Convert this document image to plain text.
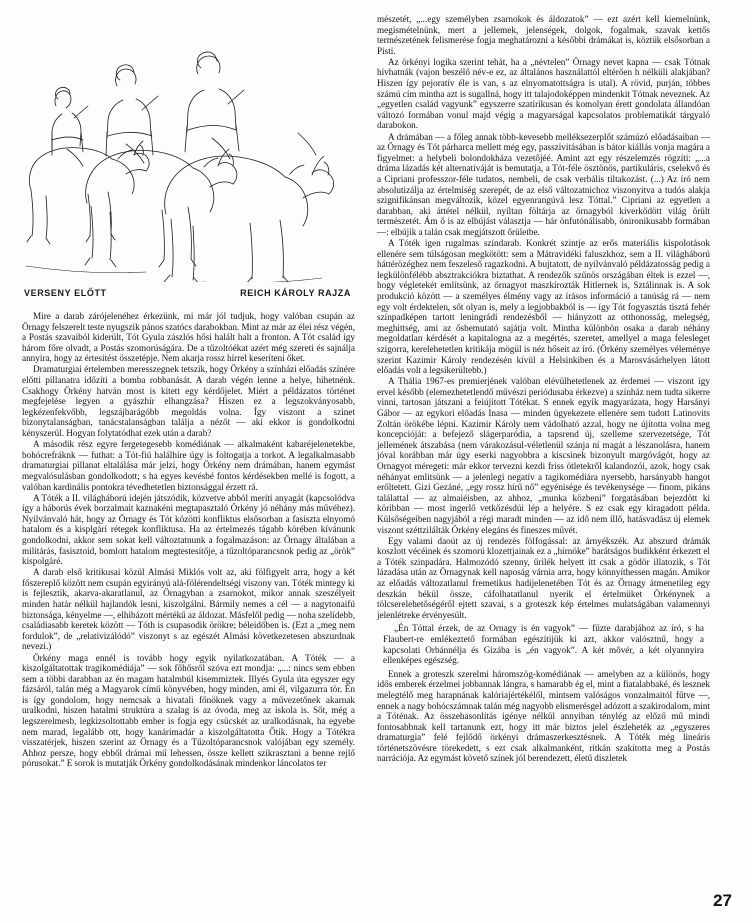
VERSENY ELŐTT	REICH KÁROLY RAJZA

Mire a darab zárójelenéhez érkezünk, mi már jól tudjuk, hogy valóban csupán az Örnagy felszerelt teste nyugszik pános szatócs darabokban. Mint az már az élei rész végén, a Postás szavaiból kiderült, Tót Gyula zászlós hősi halált halt a fronton. A Tót család így három főre olvadt, a Postás szomorúságára. De a tűzoltóékat azért még szereti és sajnálja annyira, hogy az értesítést összetépje. Nem akarja rossz hírrel keseríteni őket.

Dramaturgiai értelemben meresszegnek tetszik, hogy Örkény a színházi előadás színére előtti pillanatra időzíti a bomba robbanását. A darab végén lenne a helye, hihetnénk. Csakhogy Örkény hatván most is kitett egy kérdőjelet. Miért a példázatos történet megfejelése legyen a gyászhír elhangzása? Hiszen ez a legszokványosabb, legkézenfekvőbb, legszájbarágóbb megoldás volna. Így viszont a szinet bizonytalanságban, tanácstalanságban találja a nézőt — aki ekkor is gondolkodni kényszerül. Hogyan folytatódhat ezek után a darab?

A második rész egyre fergetegesebb komédiának — alkalmaként kabaréjelenetekbe, bohócrefráknk — futhat: a Tót-fiú halálhíre úgy is foltogatja a torkot. A legalkalmasabb dramaturgiai pillanat eltalálása már jelzi, hogy Örkény nem drámában, hanem egymást megvalósulásban gondolkodott; s ha egyes kevésbé fontos kérdésekben mellé is fogott, a valóban kardinális pontokra tévedhetetlen biztonsággal érzett rá.

A Tóték a II. világháború idején játszódik, közvetve abból merítí anyagát (kapcsolódva így a háborús évek borzalmait kaznakéni megtapasztaló Örkény jó néhány más művéhez). Nyilvánvaló hát, hogy az Örnagy és Tót közötti konfliktus elsősorban a fasiszta elnyomó hatalom és a kisplgári rétegek konfliktusa. Ha az értelmezés tágabb körében kívánunk gondolkodni, akkor sem sokat kell változtatnunk a fogalmazáson: az Örnagy általában a militárás, fasisztoid, bomlott hatalom megtestesítője, a tűzoltóparancsnok pedig az „örök” kispolgáré.

A darab első kritikusai közül Almási Miklós volt az, aki fölfigyelt arra, hogy a két főszereplő között nem csupán egyirányú alá-fölérendeltségi viszony van. Tóték mintegy ki is fejlesztik, akarva-akaratlanul, az Örnagyban a zsarnokot, mikor annak szeszélyeit minden határ nélkül hajlandók lesni, kiszolgálni. Bármily nemes a cél — a nagytonaifú biztonsága, kényelme —, elhibázott mértékű az áldozat. Másfelől pedig — noha szelídebb, családiasabb keretek között — Tóth is csupasodik örökre; béleidőben is. (Ezt a „meg nem fordulok”, de „relativizálódó” viszonyt s az egészét Almási következetesen abszurdnak nevezi.)

Örkény maga ennél is tovább hogy egyik nyilatkozatában. A Tóték — a kiszolgáltatottak tragikomédiája” — sok főhősről szóva ezt mondja: „...: nincs sem ebben sem a többi darabban az én magam hatalmbúl kisemmiztek. Illyés Gyula úta egyszer egy fázsáról, talán még a Magyarok című könyvében, hogy minden, ami él, vilgazurra tör. Én is így gondolom, hogy nemcsak a hivatali főnöknek vagy a művezetőnek akarnak uralkodni, hiszen hatalmi struktúra a szalag is az óvoda, meg az iskola is. Sőt, még a legszerelmesb, legkizsoltottabb ember is fogja egy csücskét az uralkodásnak, ha egyebe nem marad, legalább ott, hogy kanárimadár a kiszolgáltatotta Őtik. Hogy a Tótékra visszatérjek, hiszen szerint az Örnagy és a Tűzoltóparancsnok valójában egy személy. Ahhoz persze, hogy ebből drámai mű lehessen, össze kellett szikrasztani a benne rejlő pórusokat.” E sorok is mutatják Örkény gondolkodásának mindenkor láncolatos ter

mészetét, „...egy személyben zsarnokok és áldozatok” — ezt azért kell kiemelnünk, megismételnünk, mert a jellemek, jelenségek, dolgok, fogalmak, szavak kettős természetének felismerése fogja meghatározni a későbbi drámákat is, köztük elsősorban a Pisti.

Az örkényi logika szerint tehát, ha a „névtelen” Örnagy nevet kapna — csak Tótnak hívhatnák (vajon beszélő név-e ez, az általános használattól eltérően h nélküli alakjában? Hiszen így pejoratív éle is van, s az elnyomatottságra is utal). A rövid, purján, többes számú cím mintha azt is sugallná, hogy itt talajodoképpen mindenkit Tótnak neveznek. Az „egyetlen család vagyunk” egyszerre szatírikusan és komolyan érett gondolata állandóan változó formában vonul majd végig a magyarságal kapcsolatos problematikát tárgyaló darabokon.

A drámában — a főleg annak több-kevesebb melléksezerplőt számúzó előadásaiban — az Örnagy és Tót párharca mellett még egy, passzivitásában is bátor kiállás vonja magára a figyelmet: a helybeli bolondokháza vezetőjéé. Amint azt egy részelemzés rögzíti: „...a dráma lázadás két alternatíváját is bemutatja, a Tót-féle ösztönös, partikuláris, cselekvő és a Cipriani professzor-féle tudatos, nembeli, de csak verbális tiltakozást. (...) Az író nem absolutizálja az értelmiség szerepét, de az első változatnichoz viszonyítva a tudós alakja szignifikánsan megváltozik, közel egyenrangúvá lesz Tóttal.” Cipriani az egyetlen a darabban, aki áttétel nélkül, nyíltan föltárja az őrnagyból kiverkődött világ őrült természetét. Ám ő is az elbújást választja — hár önfutónálisabb, önironikusabb formában —: elbújik a talán csak megjátszott őrületbe.

A Tóték igen rugalmas színdarab. Konkrét szintje az erős materiális kispolotások ellenére sem túlságosan megkötött: sem a Mátravidéki faluszkhoz, sem a II. világháború háttérözéghez nem feszeleső ragazkodni. A bujtatott, de nyilvánvaló példázatosság pedig a legkülönfélébb absztrakciókra biztathat. A rendezők szűnös országában éltek is ezzel —, hogy végletekét említsünk, az őrnagyot maszkírozták Hitlernek is, Sztálinnak is. A sok produkció között — a személyes élmény vagy az írásos információ a tanúság rá — nem egy volt érdektelen, sőt olyan is, mely a legjobbakból is — így Tót fogyasztás tisztá fehér színpadképen tartott leningrádi rendezésből — hiányzott az otthonosság, melegség, meghittség, ami az ősbemutató sajátja volt. Mintha különbön osaka a darab néhány megoldatlan kérdését a kapitalogna az a megértés, szeretet, amellyel a maga felesleget szigorra, kerelehetetlen kritikája mögül is néz hőseit az író. (Örkény személyes véleménye szerint Kazimir Károly rendezésén kívül a Helsinkiben és a Marosvásárhelyen látott előadás volt a legsikerültebb.)

A Thália 1967-es premierjének valóban elévülhetetlenek az érdemei — viszont így ervel később (elemezhetetlendő művészi periódusaba érkezve) a színház nem tudta sikerre vinni, tartosan játszani a feiújított Tótékat. S ennek egyik magyarázata, hogy Harsányi Gábor — az egykori előadás Inasa — minden ügyekezete ellenére sem tudott Latinovits Zoltán örökébe lépni. Kazimir Károly nem vádolható azzal, hogy ne újította volna meg koncepcióját: a befejező slágerparódia, a tapsrend új, szelleme szervezetsége, Tót jellemének átszabása (nem várakozásul-véletlenül szánja ni magát a lészanolásra, hanem jóval korábban már úgy eserki nagyobbra a kiscsinek bizonyult margóvágót, hogy az Ornagyot méregeti: már ekkor tervezni kezdi friss ötletekről kalandozói, azok, hogy csak néhányat említsünk — a jelenlegi negatív a tagikomédiára nyersebb, harsányabb hangot erőltetett. Gizi Gezáné, „egy rossz hírű nő” egyénisége és tevékenysége — finom, pikáns találattal — az almaiéisben, az ahhoz, „munka közbeni” forgatásában bejezdött ki köribban — most ingerlő vetkőzésdúi lép a helyére. S ez csak egy kiragadott példa. Külsőségeiben nagyjából a régi maradt minden — az idő nem illő, hatásvadász új elemek viszont széttzilálták Örkény elegáns és fineszes művét.

Egy valami daoút az új rendezés fölfogással: az árnyékszék. Az abszurd drámák koszlott vécéinek és szomorú klozettjainak ez a „hírnöke” barátságos budikként érkezett el a Tóték szinpadára. Halmozódó szenny, űrilék helyett itt csak a gödör illatozik, s Tót lázadása után az Örnagynak kell naposág várnia arra, hogy könnyíthessen magán. Amikor az előadás változatlanul fremetikus hadijelenetében Tót és az Örnagy átmenetileg egy deszkán békül össze, cáfolhatatlanul nyerik el értelmüket Örkénynek a tölcserelehetőségéről ejtett szavai, s a groteszk kép értelmes mulatságában valamennyi jelenlétreke érvényesült.

„Én Tóttal érzek, de az Ornagy is én vagyok” — fűzte darabjához az író, s ha Flaubert-re emlékeztető formában egészítijük ki azt, akkor valósztnű, hogy a kapcsolati Orbánnélja és Gizába is „én vagyok”. A két môvér, a két olyannyira ellenképes egészség.

Ennek a groteszk szerelmi háromszög-komédiának — amelyben az a különös, hogy idős emberek érzelmei jobbannak lángra, s hamarabb ég el, mint a fiatalabbaké, és lesznek melegtélő meg harapnának kalóriajértékélől, mintsem valóságos vonzalmaitól fűtve —, ennek a nagy bohócszámnak talán még nagyobb elismerésgel adózott a szakirodalom, mint a Tóténak. Az összehasonlítás igénye nélkül annyiban ténylég az előző mű mindi fontosabbnak kell tartanunk ezt, hogy itt már biztos jelel észleheték az „egyszeres dramaturgia” felé fejlődő örkényi drámaszerkesztésnek. A Tóték még lineáris történetszövésre törekedett, s ezt csak alkalmanként, ritkán szakította meg a Postás narrációja. Az egymást követő színek jól berendezett, életű díszletek

27
